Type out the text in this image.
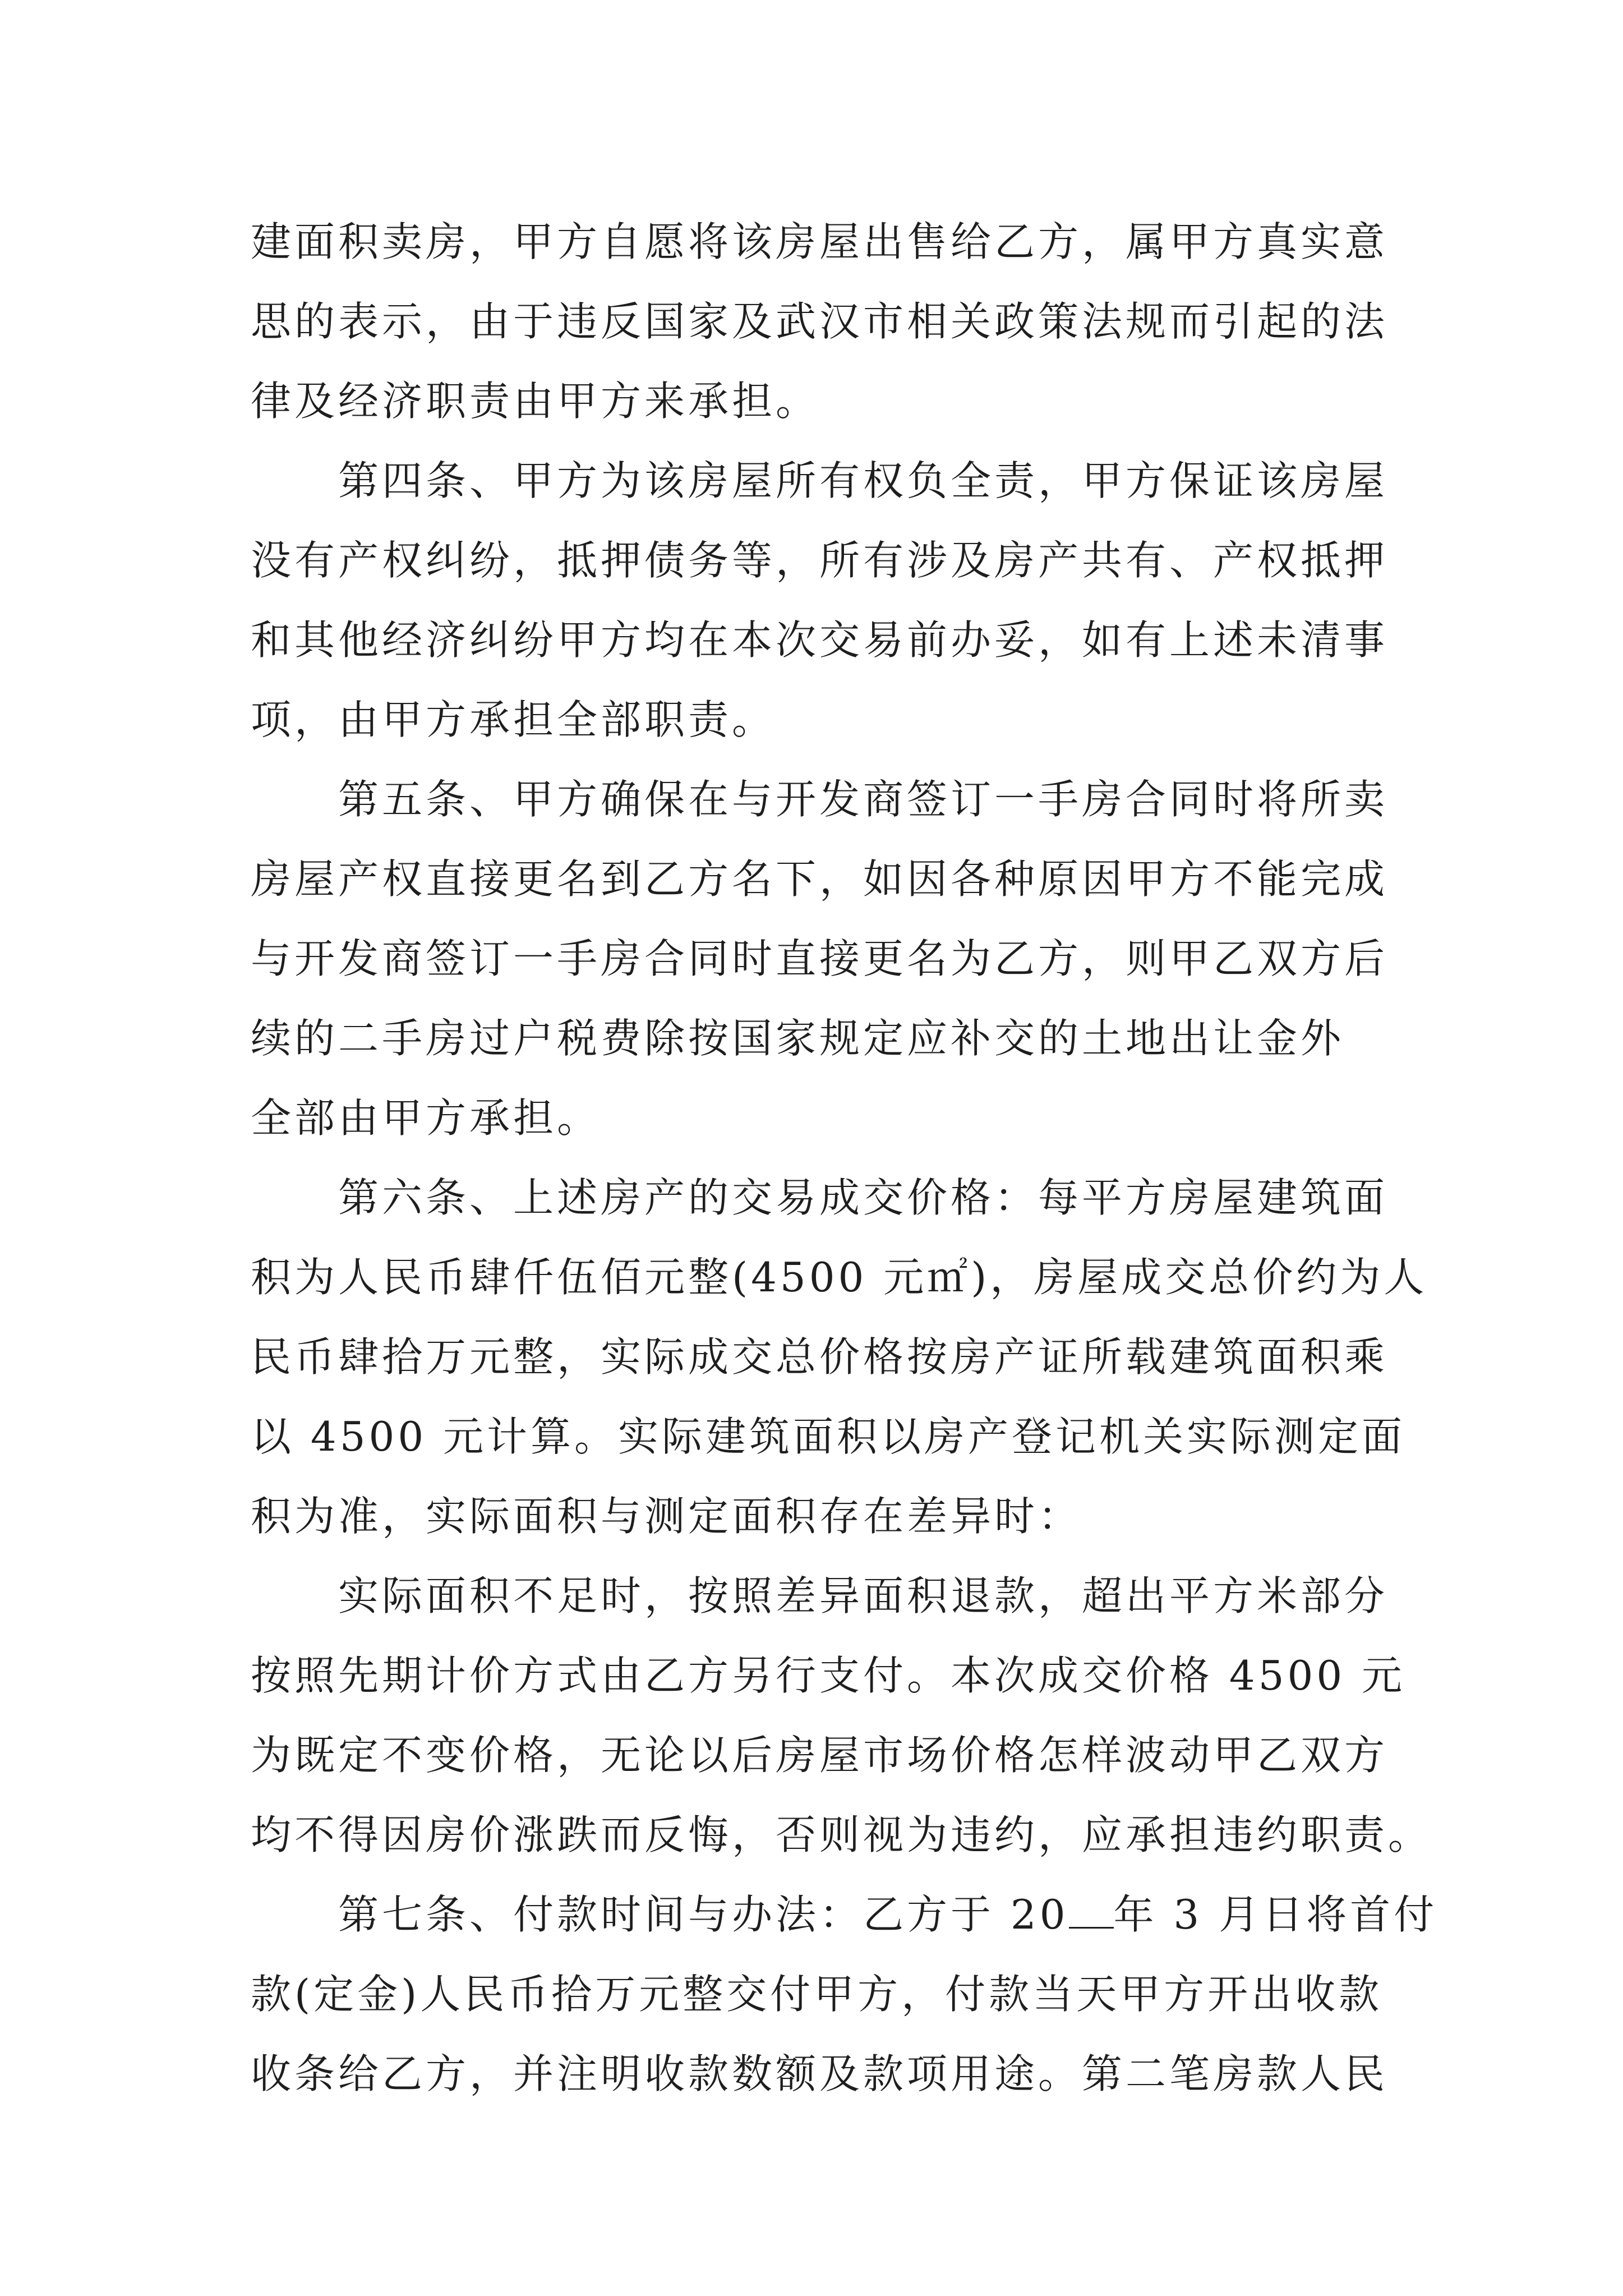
建面积卖房，甲方自愿将该房屋出售给乙方，属甲方真实意
思的表示，由于违反国家及武汉市相关政策法规而引起的法
律及经济职责由甲方来承担。

第四条、甲方为该房屋所有权负全责，甲方保证该房屋
没有产权纠纷，抵押债务等，所有涉及房产共有、产权抵押
和其他经济纠纷甲方均在本次交易前办妥，如有上述未清事
项，由甲方承担全部职责。

第五条、甲方确保在与开发商签订一手房合同时将所卖
房屋产权直接更名到乙方名下，如因各种原因甲方不能完成
与开发商签订一手房合同时直接更名为乙方，则甲乙双方后
续的二手房过户税费除按国家规定应补交的土地出让金外
全部由甲方承担。

第六条、上述房产的交易成交价格：每平方房屋建筑面
积为人民币肆仟伍佰元整(4500 元㎡)，房屋成交总价约为人
民币肆拾万元整，实际成交总价格按房产证所载建筑面积乘
以 4500 元计算。实际建筑面积以房产登记机关实际测定面
积为准，实际面积与测定面积存在差异时：

实际面积不足时，按照差异面积退款，超出平方米部分
按照先期计价方式由乙方另行支付。本次成交价格 4500 元
为既定不变价格，无论以后房屋市场价格怎样波动甲乙双方
均不得因房价涨跌而反悔，否则视为违约，应承担违约职责。

第七条、付款时间与办法：乙方于 20 年 3 月日将首付
款(定金)人民币拾万元整交付甲方，付款当天甲方开出收款
收条给乙方，并注明收款数额及款项用途。第二笔房款人民
